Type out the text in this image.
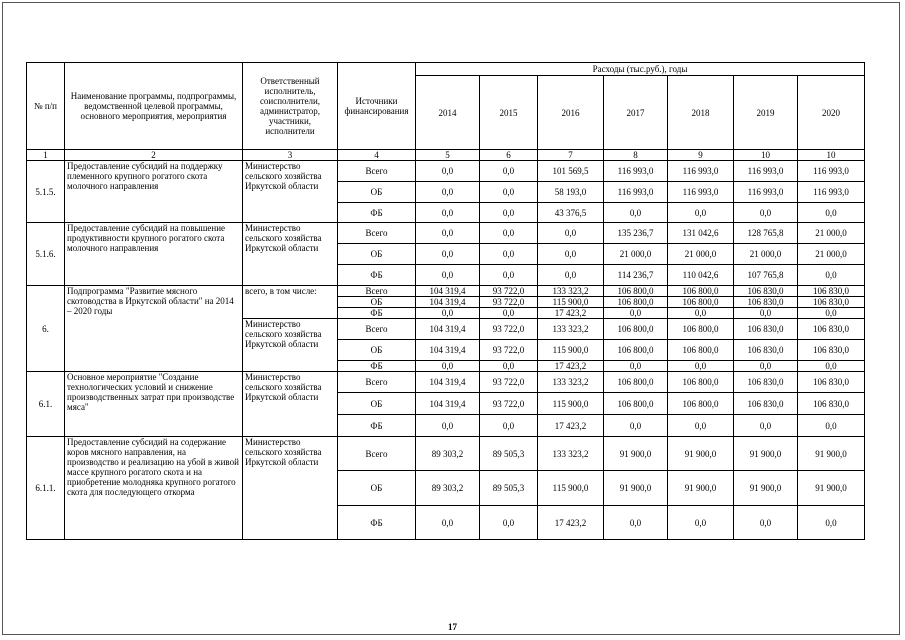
№ п/п	Наименование программы, подпрограммы, ведомственной целевой программы, основного мероприятия, мероприятия	Ответственный исполнитель, соисполнители, администратор, участники, исполнители	Источники финансирования	Расходы (тыс.руб.), годы						
				2014	2015	2016	2017	2018	2019	2020
1	2	3	4	5	6	7	8	9	10	10
5.1.5.	Предоставление субсидий на поддержку племенного крупного рогатого скота молочного направления	Министерство сельского хозяйства Иркутской области	Всего	0,0	0,0	101 569,5	116 993,0	116 993,0	116 993,0	116 993,0
			ОБ	0,0	0,0	58 193,0	116 993,0	116 993,0	116 993,0	116 993,0
			ФБ	0,0	0,0	43 376,5	0,0	0,0	0,0	0,0
5.1.6.	Предоставление субсидий на повышение продуктивности крупного рогатого скота молочного направления	Министерство сельского хозяйства Иркутской области	Всего	0,0	0,0	0,0	135 236,7	131 042,6	128 765,8	21 000,0
			ОБ	0,0	0,0	0,0	21 000,0	21 000,0	21 000,0	21 000,0
			ФБ	0,0	0,0	0,0	114 236,7	110 042,6	107 765,8	0,0
6.	Подпрограмма "Развитие мясного скотоводства в Иркутской области" на 2014 – 2020 годы	всего, в том числе:	Всего	104 319,4	93 722,0	133 323,2	106 800,0	106 800,0	106 830,0	106 830,0
			ОБ	104 319,4	93 722,0	115 900,0	106 800,0	106 800,0	106 830,0	106 830,0
			ФБ	0,0	0,0	17 423,2	0,0	0,0	0,0	0,0
		Министерство сельского хозяйства Иркутской области	Всего	104 319,4	93 722,0	133 323,2	106 800,0	106 800,0	106 830,0	106 830,0
			ОБ	104 319,4	93 722,0	115 900,0	106 800,0	106 800,0	106 830,0	106 830,0
			ФБ	0,0	0,0	17 423,2	0,0	0,0	0,0	0,0
6.1.	Основное мероприятие "Создание технологических условий и снижение производственных затрат при производстве мяса"	Министерство сельского хозяйства Иркутской области	Всего	104 319,4	93 722,0	133 323,2	106 800,0	106 800,0	106 830,0	106 830,0
			ОБ	104 319,4	93 722,0	115 900,0	106 800,0	106 800,0	106 830,0	106 830,0
			ФБ	0,0	0,0	17 423,2	0,0	0,0	0,0	0,0
6.1.1.	Предоставление субсидий на содержание коров мясного направления, на производство и реализацию на убой в живой массе крупного рогатого скота и на приобретение молодняка крупного рогатого скота для последующего откорма	Министерство сельского хозяйства Иркутской области	Всего	89 303,2	89 505,3	133 323,2	91 900,0	91 900,0	91 900,0	91 900,0
			ОБ	89 303,2	89 505,3	115 900,0	91 900,0	91 900,0	91 900,0	91 900,0
			ФБ	0,0	0,0	17 423,2	0,0	0,0	0,0	0,0
17
